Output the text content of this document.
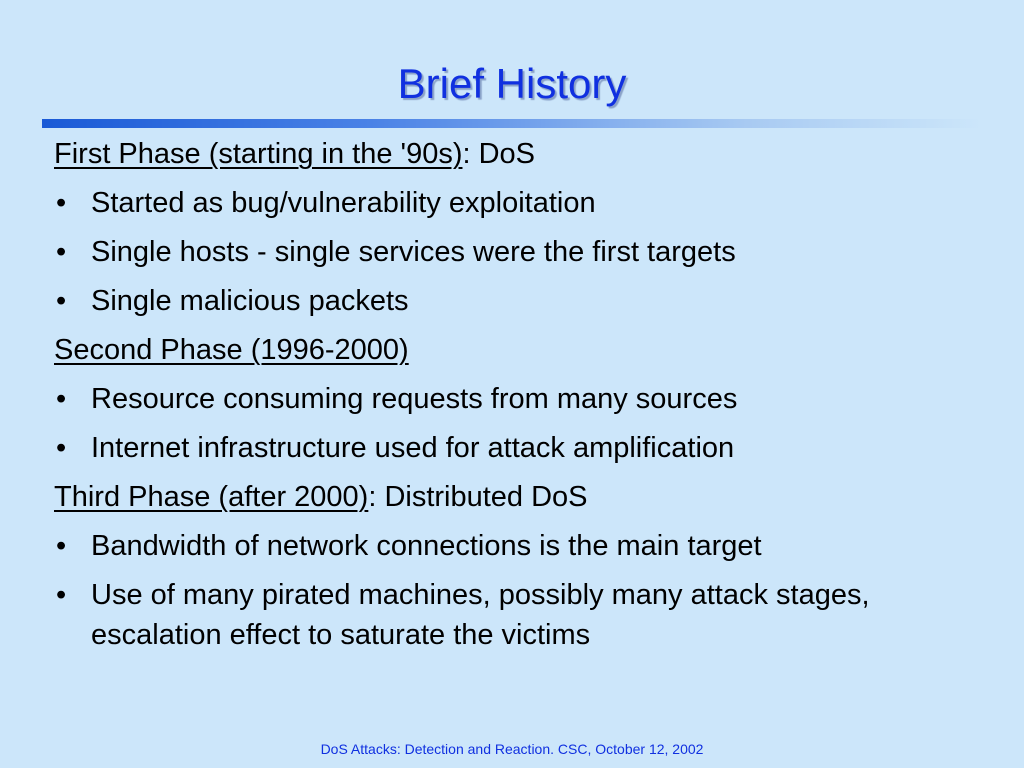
Brief History
First Phase (starting in the '90s): DoS
• Started as bug/vulnerability exploitation
• Single hosts - single services were the first targets
• Single malicious packets
Second Phase (1996-2000)
• Resource consuming requests from many sources
• Internet infrastructure used for attack amplification
Third Phase (after 2000): Distributed DoS
• Bandwidth of network connections is the main target
• Use of many pirated machines, possibly many attack stages, escalation effect to saturate the victims
DoS Attacks: Detection and Reaction. CSC, October 12, 2002
